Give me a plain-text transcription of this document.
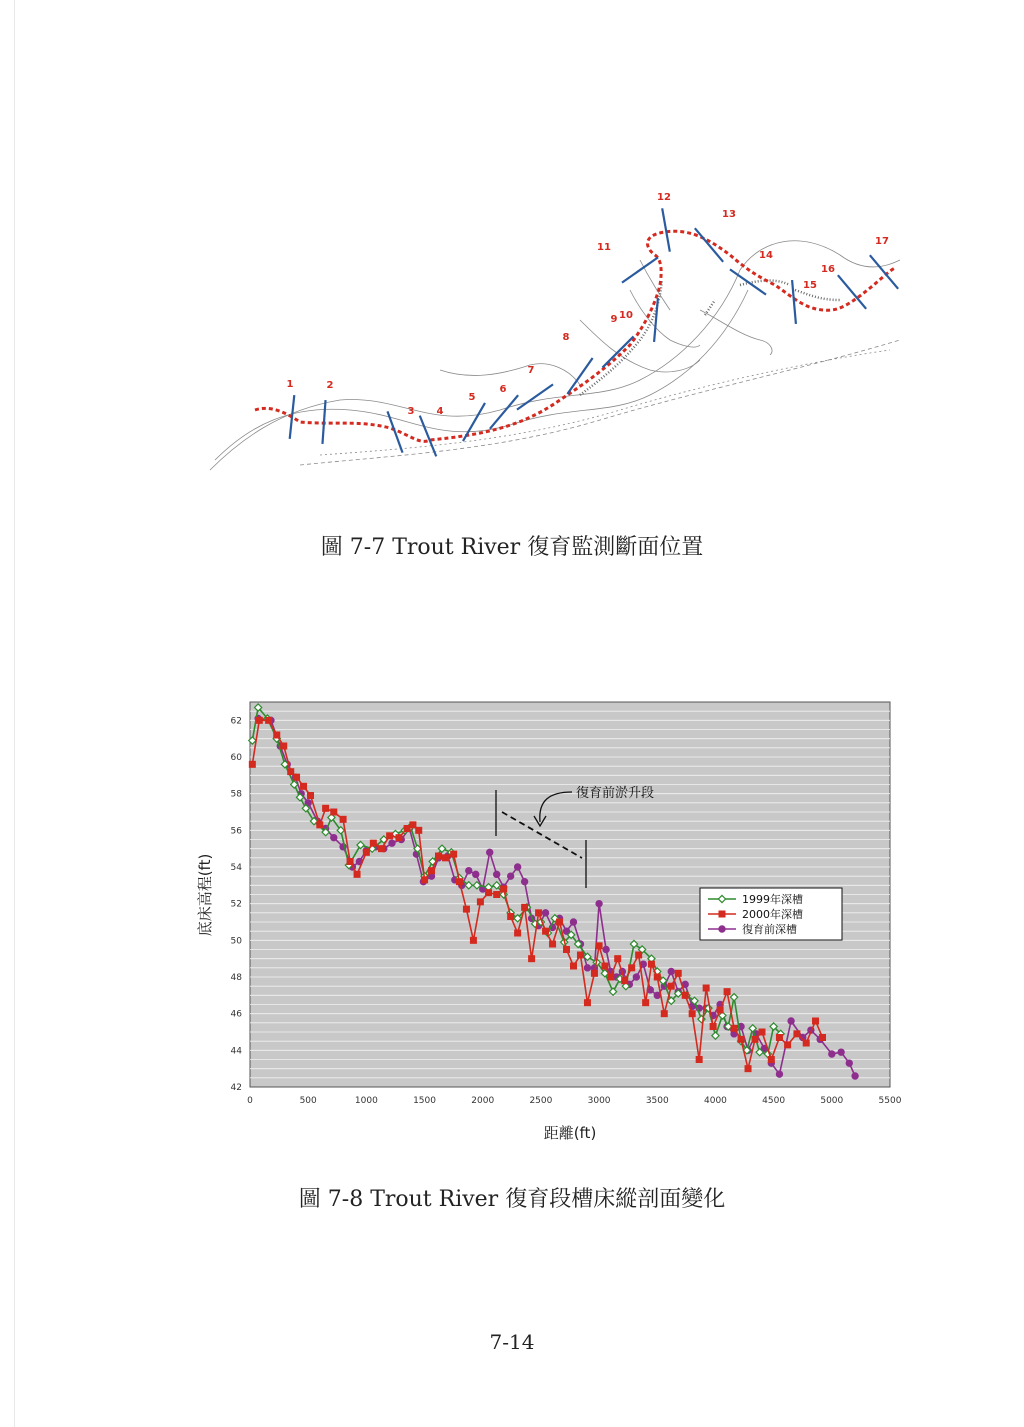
1	2
3 4
5
6
7
8
9 10
11
12
13
14
15
16
17
圖 7-7 Trout River 復育監測斷面位置
0	500	1000	1500	2000	2500	3000	3500	4000	4500	5000	5500
42
44
46
48
50
52
54
56
58
60
62
復育前淤升段
1999年深槽
2000年深槽
復育前深槽
距離(ft)
底床高程(ft)
圖 7-8 Trout River 復育段槽床縱剖面變化
7-14
